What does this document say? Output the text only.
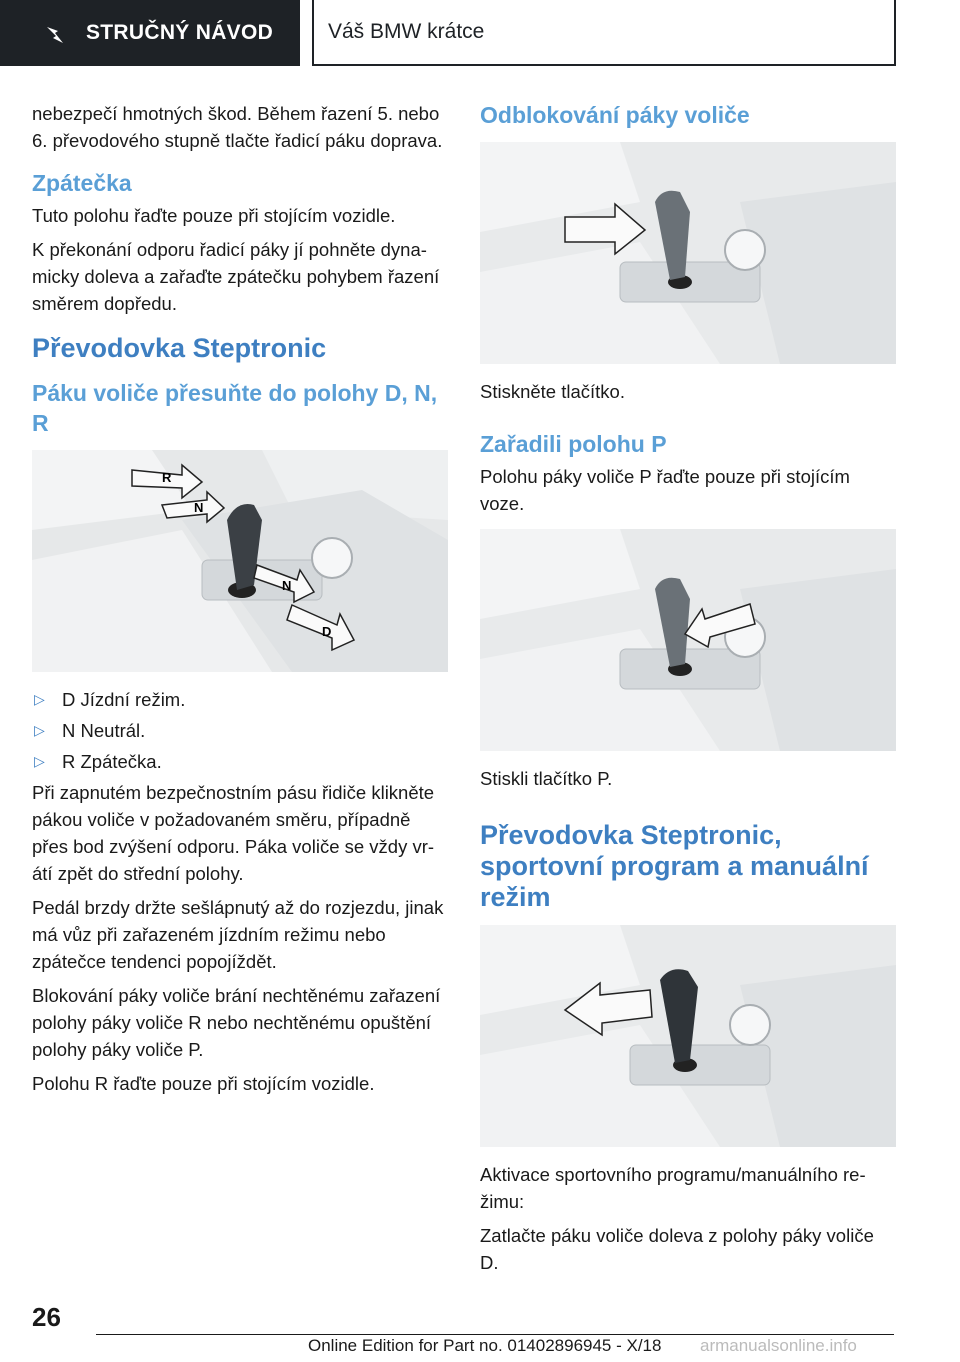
STRUČNÝ NÁVOD	Váš BMW krátce

nebezpečí hmotných škod. Během řazení 5. nebo 6. převodového stupně tlačte řadicí páku doprava.

Zpátečka

Tuto polohu řaďte pouze při stojícím vozidle.

K překonání odporu řadicí páky jí pohněte dynamicky doleva a zařaďte zpátečku pohybem řazení směrem dopředu.

Převodovka Steptronic
Páku voliče přesuňte do polohy D, N, R
R
N
N
D
▷ D Jízdní režim.
▷ N Neutrál.
▷ R Zpátečka.

Při zapnutém bezpečnostním pásu řidiče klikněte pákou voliče v požadovaném směru, případně přes bod zvýšení odporu. Páka voliče se vždy vrátí zpět do střední polohy.

Pedál brzdy držte sešlápnutý až do rozjezdu, jinak má vůz při zařazeném jízdním režimu nebo zpátečce tendenci popojíždět.

Blokování páky voliče brání nechtěnému zařazení polohy páky voliče R nebo nechtěnému opuštění polohy páky voliče P.

Polohu R řaďte pouze při stojícím vozidle.

Odblokování páky voliče

Stiskněte tlačítko.

Zařadili polohu P

Polohu páky voliče P řaďte pouze při stojícím voze.

Stiskli tlačítko P.

Převodovka Steptronic, sportovní program a manuální režim

Aktivace sportovního programu/manuálního režimu:

Zatlačte páku voliče doleva z polohy páky voliče D.

26
Online Edition for Part no. 01402896945 - X/18 armanualsonline.info
